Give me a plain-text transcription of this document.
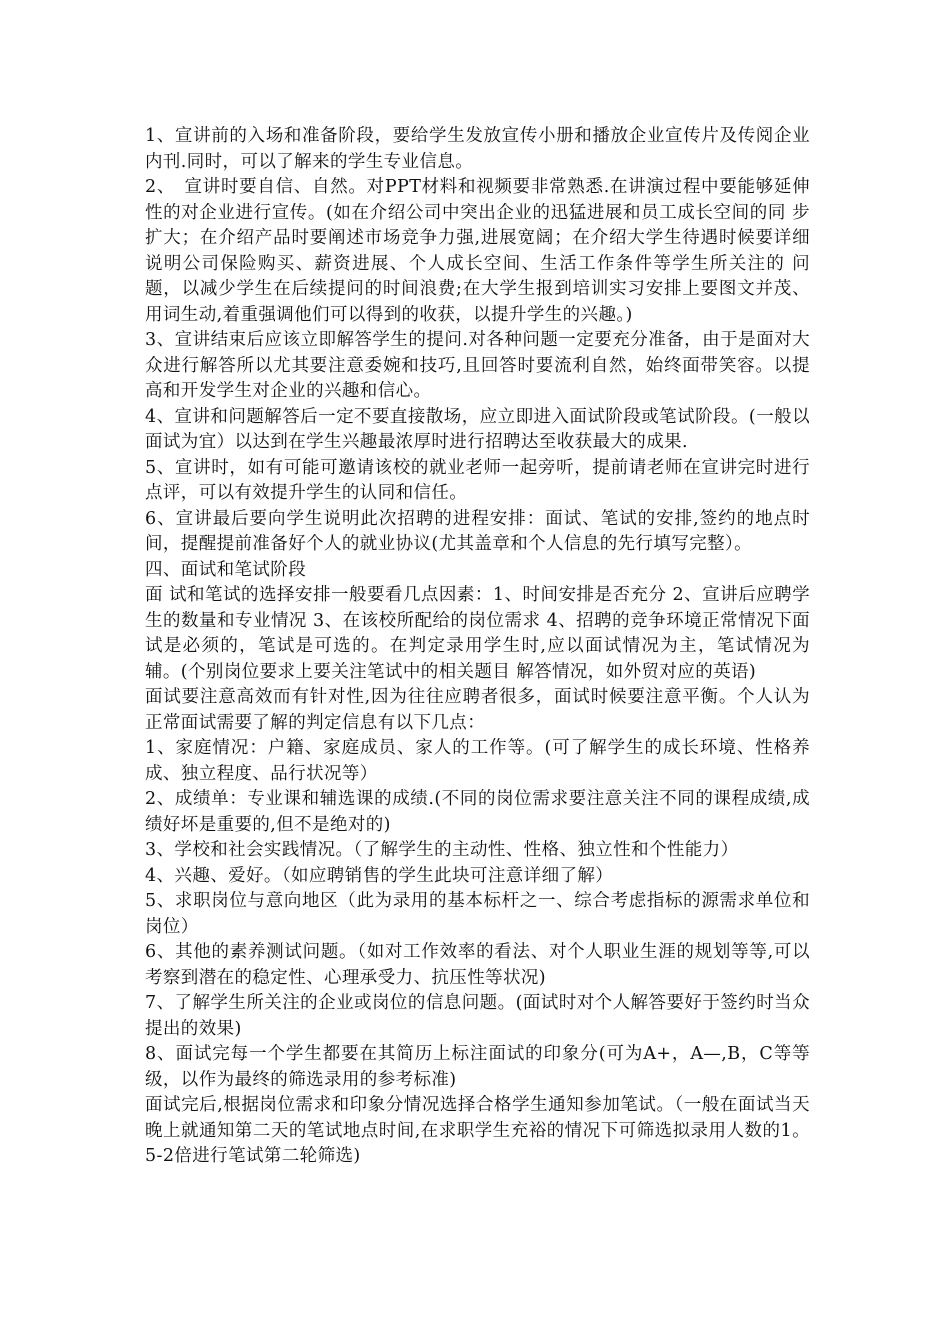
1、宣讲前的入场和准备阶段，要给学生发放宣传小册和播放企业宣传片及传阅企业内刊.同时，可以了解来的学生专业信息。

2、　宣讲时要自信、自然。对PPT材料和视频要非常熟悉.在讲演过程中要能够延伸性的对企业进行宣传。(如在介绍公司中突出企业的迅猛进展和员工成长空间的同 步扩大；在介绍产品时要阐述市场竞争力强,进展宽阔；在介绍大学生待遇时候要详细说明公司保险购买、薪资进展、个人成长空间、生活工作条件等学生所关注的 问题，以减少学生在后续提问的时间浪费;在大学生报到培训实习安排上要图文并茂、用词生动,着重强调他们可以得到的收获，以提升学生的兴趣。)

3、宣讲结束后应该立即解答学生的提问.对各种问题一定要充分准备，由于是面对大众进行解答所以尤其要注意委婉和技巧,且回答时要流利自然，始终面带笑容。以提高和开发学生对企业的兴趣和信心。

4、宣讲和问题解答后一定不要直接散场，应立即进入面试阶段或笔试阶段。(一般以面试为宜）以达到在学生兴趣最浓厚时进行招聘达至收获最大的成果.

5、宣讲时，如有可能可邀请该校的就业老师一起旁听，提前请老师在宣讲完时进行点评，可以有效提升学生的认同和信任。

6、宣讲最后要向学生说明此次招聘的进程安排：面试、笔试的安排,签约的地点时间，提醒提前准备好个人的就业协议(尤其盖章和个人信息的先行填写完整）。

四、面试和笔试阶段

面 试和笔试的选择安排一般要看几点因素：1、时间安排是否充分 2、宣讲后应聘学生的数量和专业情况 3、在该校所配给的岗位需求 4、招聘的竞争环境正常情况下面试是必须的，笔试是可选的。在判定录用学生时,应以面试情况为主，笔试情况为辅。(个别岗位要求上要关注笔试中的相关题目 解答情况，如外贸对应的英语)

面试要注意高效而有针对性,因为往往应聘者很多，面试时候要注意平衡。个人认为正常面试需要了解的判定信息有以下几点：

1、家庭情况：户籍、家庭成员、家人的工作等。(可了解学生的成长环境、性格养成、独立程度、品行状况等）

2、成绩单：专业课和辅选课的成绩.(不同的岗位需求要注意关注不同的课程成绩,成绩好坏是重要的,但不是绝对的)

3、学校和社会实践情况。（了解学生的主动性、性格、独立性和个性能力）

4、兴趣、爱好。（如应聘销售的学生此块可注意详细了解）

5、求职岗位与意向地区（此为录用的基本标杆之一、综合考虑指标的源需求单位和岗位）

6、其他的素养测试问题。（如对工作效率的看法、对个人职业生涯的规划等等,可以考察到潜在的稳定性、心理承受力、抗压性等状况)

7、了解学生所关注的企业或岗位的信息问题。(面试时对个人解答要好于签约时当众提出的效果)

8、面试完每一个学生都要在其简历上标注面试的印象分(可为A+，A—,B，C等等级，以作为最终的筛选录用的参考标准)

面试完后,根据岗位需求和印象分情况选择合格学生通知参加笔试。（一般在面试当天晚上就通知第二天的笔试地点时间,在求职学生充裕的情况下可筛选拟录用人数的1。5-2倍进行笔试第二轮筛选)
